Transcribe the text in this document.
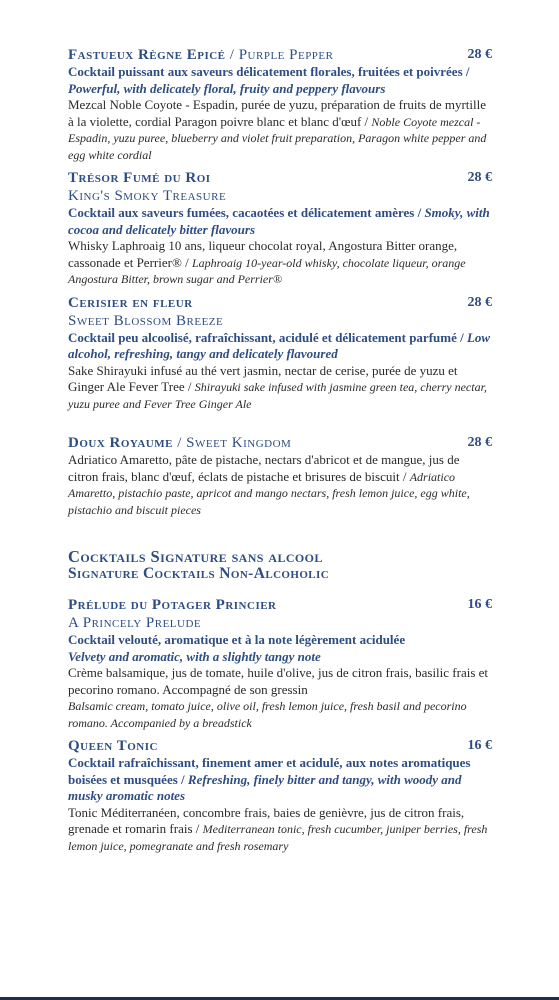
Fastueux Règne Epicé / Purple Pepper	28 €
Cocktail puissant aux saveurs délicatement florales, fruitées et poivrées / Powerful, with delicately floral, fruity and peppery flavours
Mezcal Noble Coyote - Espadin, purée de yuzu, préparation de fruits de myrtille à la violette, cordial Paragon poivre blanc et blanc d'œuf / Noble Coyote mezcal - Espadin, yuzu puree, blueberry and violet fruit preparation, Paragon white pepper and egg white cordial
Trésor Fumé du Roi
King's Smoky Treasure
28 €
Cocktail aux saveurs fumées, cacaotées et délicatement amères / Smoky, with cocoa and delicately bitter flavours
Whisky Laphroaig 10 ans, liqueur chocolat royal, Angostura Bitter orange, cassonade et Perrier® / Laphroaig 10-year-old whisky, chocolate liqueur, orange Angostura Bitter, brown sugar and Perrier®
Cerisier en fleur
Sweet Blossom Breeze
28 €
Cocktail peu alcoolisé, rafraîchissant, acidulé et délicatement parfumé / Low alcohol, refreshing, tangy and delicately flavoured
Sake Shirayuki infusé au thé vert jasmin, nectar de cerise, purée de yuzu et Ginger Ale Fever Tree / Shirayuki sake infused with jasmine green tea, cherry nectar, yuzu puree and Fever Tree Ginger Ale
Doux Royaume / Sweet Kingdom	28 €
Adriatico Amaretto, pâte de pistache, nectars d'abricot et de mangue, jus de citron frais, blanc d'œuf, éclats de pistache et brisures de biscuit / Adriatico Amaretto, pistachio paste, apricot and mango nectars, fresh lemon juice, egg white, pistachio and biscuit pieces
Cocktails Signature sans alcool
Signature Cocktails Non-Alcoholic
Prélude du Potager Princier
A Princely Prelude
16 €
Cocktail velouté, aromatique et à la note légèrement acidulée
Velvety and aromatic, with a slightly tangy note
Crème balsamique, jus de tomate, huile d'olive, jus de citron frais, basilic frais et pecorino romano. Accompagné de son gressin
Balsamic cream, tomato juice, olive oil, fresh lemon juice, fresh basil and pecorino romano. Accompanied by a breadstick
Queen Tonic	16 €
Cocktail rafraîchissant, finement amer et acidulé, aux notes aromatiques boisées et musquées / Refreshing, finely bitter and tangy, with woody and musky aromatic notes
Tonic Méditerranéen, concombre frais, baies de genièvre, jus de citron frais, grenade et romarin frais / Mediterranean tonic, fresh cucumber, juniper berries, fresh lemon juice, pomegranate and fresh rosemary
